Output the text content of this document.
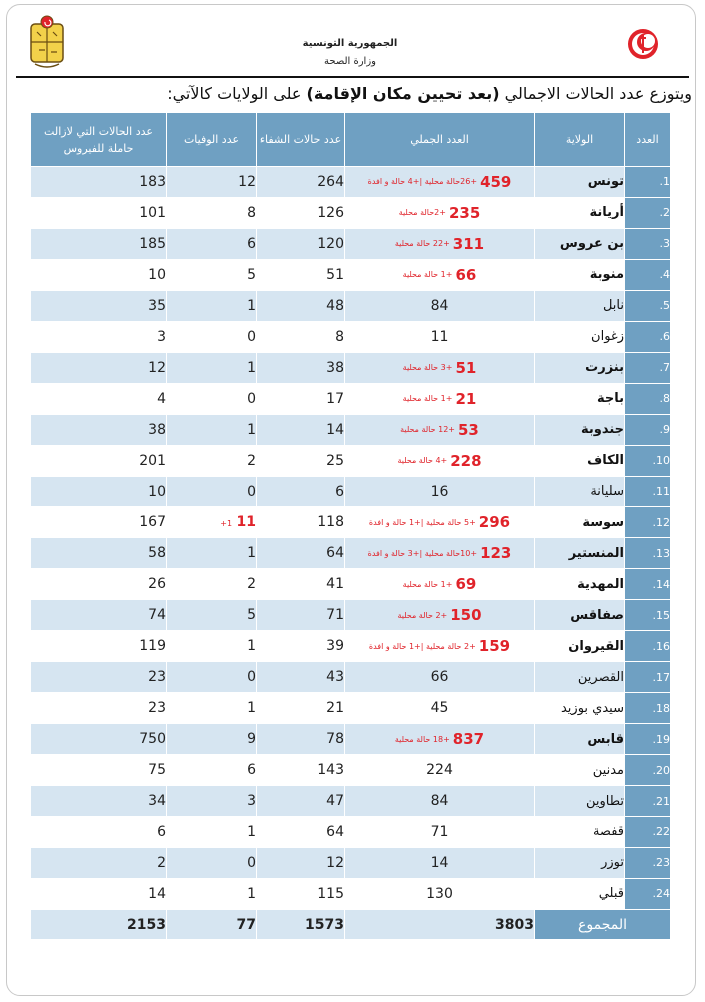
الجمهورية التونسية
وزارة الصحة
ويتوزع عدد الحالات الاجمالي (بعد تحيين مكان الإقامة) على الولايات كالآتي:
عدد الحالات التي لازالت حاملة للفيروس	عدد الوفيات	عدد حالات الشفاء	العدد الجملي	الولاية	العدد
183	12	264	+26حالة محلية |+4 حالة و افدة 459	تونس	.1
101	8	126	+2حالة محلية 235	أريانة	.2
185	6	120	+22 حالة محلية 311	بن عروس	.3
10	5	51	+1 حالة محلية 66	منوبة	.4
35	1	48	84	نابل	.5
3	0	8	11	زغوان	.6
12	1	38	+3 حالة محلية 51	بنزرت	.7
4	0	17	+1 حالة محلية 21	باجة	.8
38	1	14	+12 حالة محلية 53	جندوبة	.9
201	2	25	+4 حالة محلية 228	الكاف	.10
10	0	6	16	سليانة	.11
167	+1 11	118	+5 حالة محلية |+1 حالة و افدة 296	سوسة	.12
58	1	64	+10حالة محلية |+3 حالة و افدة 123	المنستير	.13
26	2	41	+1 حالة محلية 69	المهدية	.14
74	5	71	+2 حالة محلية 150	صفاقس	.15
119	1	39	+2 حالة محلية |+1 حالة و افدة 159	القيروان	.16
23	0	43	66	القصرين	.17
23	1	21	45	سيدي بوزيد	.18
750	9	78	+18 حالة محلية 837	قابس	.19
75	6	143	224	مدنين	.20
34	3	47	84	تطاوين	.21
6	1	64	71	قفصة	.22
2	0	12	14	توزر	.23
14	1	115	130	قبلي	.24
2153	77	1573	3803	المجموع	
